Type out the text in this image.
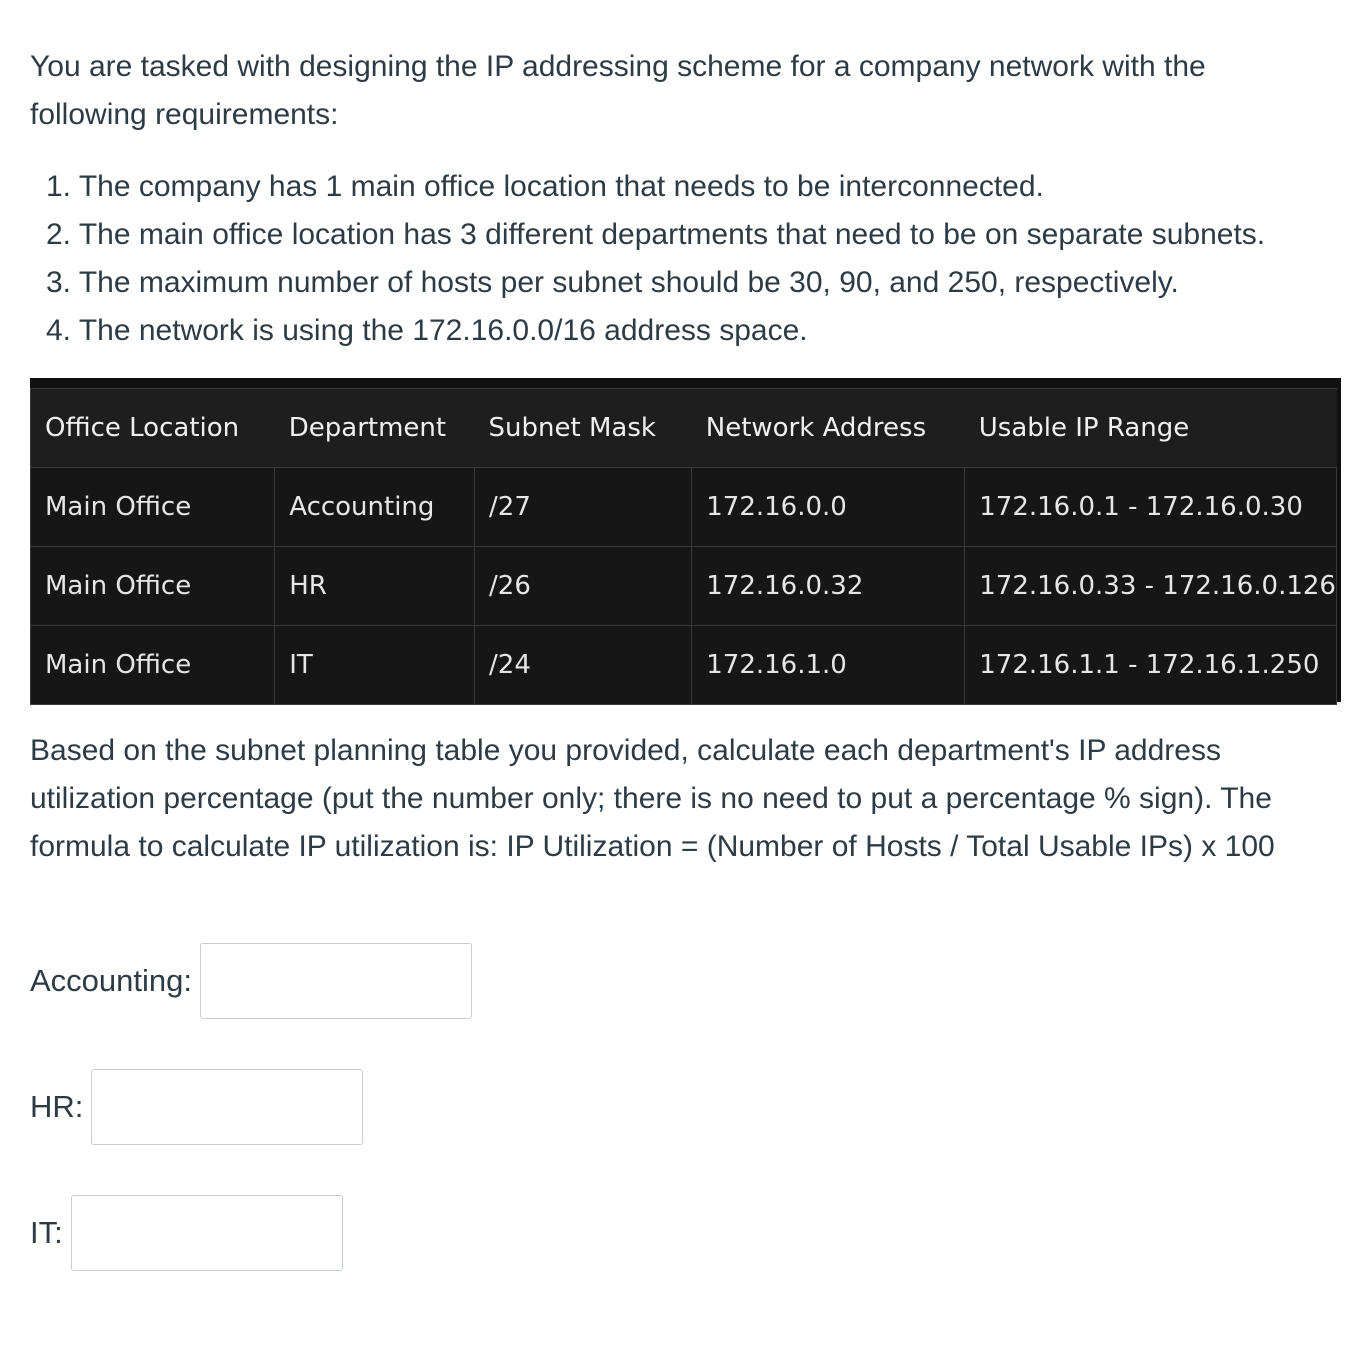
You are tasked with designing the IP addressing scheme for a company network with the following requirements:

1. The company has 1 main office location that needs to be interconnected.
2. The main office location has 3 different departments that need to be on separate subnets.
3. The maximum number of hosts per subnet should be 30, 90, and 250, respectively.
4. The network is using the 172.16.0.0/16 address space.
Office Location	Department	Subnet Mask	Network Address	Usable IP Range
Main Office	Accounting	/27	172.16.0.0	172.16.0.1 - 172.16.0.30
Main Office	HR	/26	172.16.0.32	172.16.0.33 - 172.16.0.126
Main Office	IT	/24	172.16.1.0	172.16.1.1 - 172.16.1.250

Based on the subnet planning table you provided, calculate each department's IP address utilization percentage (put the number only; there is no need to put a percentage % sign). The formula to calculate IP utilization is: IP Utilization = (Number of Hosts / Total Usable IPs) x 100

Accounting:
HR:
IT:
